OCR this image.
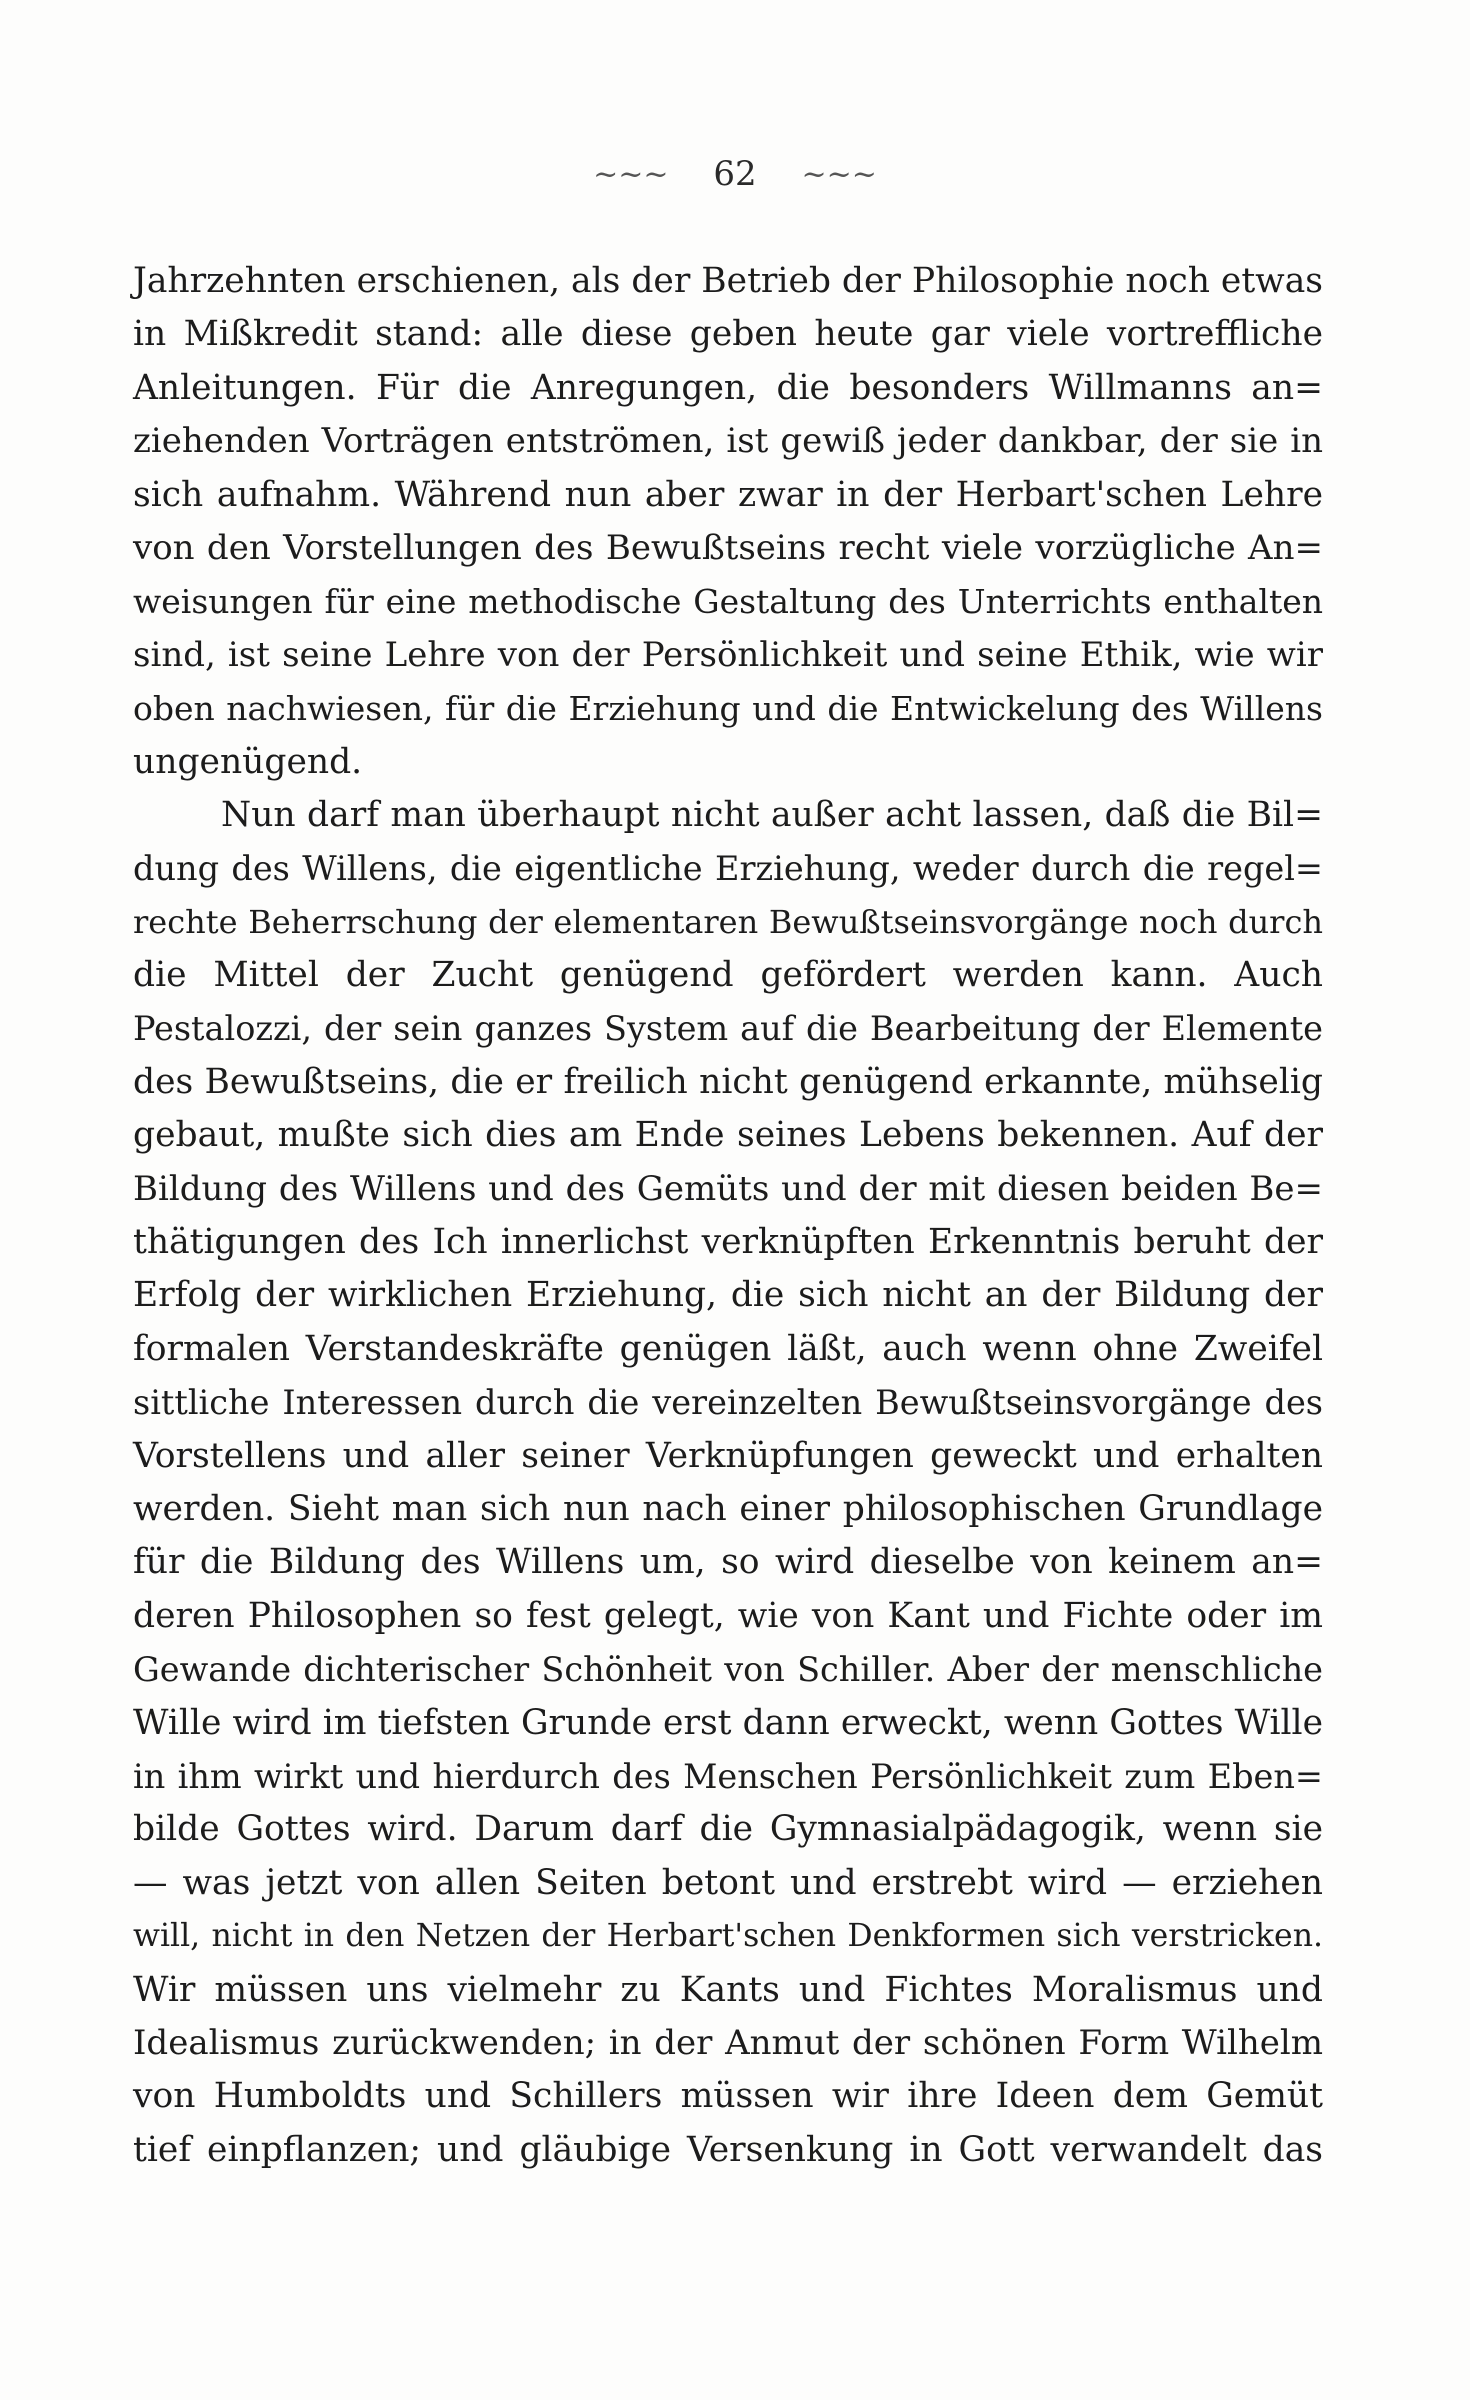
~~~ 62 ~~~
Jahrzehnten erschienen, als der Betrieb der Philosophie noch etwas
in Mißkredit stand: alle diese geben heute gar viele vortreffliche
Anleitungen. Für die Anregungen, die besonders Willmanns an=
ziehenden Vorträgen entströmen, ist gewiß jeder dankbar, der sie in
sich aufnahm. Während nun aber zwar in der Herbart'schen Lehre
von den Vorstellungen des Bewußtseins recht viele vorzügliche An=
weisungen für eine methodische Gestaltung des Unterrichts enthalten
sind, ist seine Lehre von der Persönlichkeit und seine Ethik, wie wir
oben nachwiesen, für die Erziehung und die Entwickelung des Willens
ungenügend.
Nun darf man überhaupt nicht außer acht lassen, daß die Bil=
dung des Willens, die eigentliche Erziehung, weder durch die regel=
rechte Beherrschung der elementaren Bewußtseinsvorgänge noch durch
die Mittel der Zucht genügend gefördert werden kann. Auch
Pestalozzi, der sein ganzes System auf die Bearbeitung der Elemente
des Bewußtseins, die er freilich nicht genügend erkannte, mühselig
gebaut, mußte sich dies am Ende seines Lebens bekennen. Auf der
Bildung des Willens und des Gemüts und der mit diesen beiden Be=
thätigungen des Ich innerlichst verknüpften Erkenntnis beruht der
Erfolg der wirklichen Erziehung, die sich nicht an der Bildung der
formalen Verstandeskräfte genügen läßt, auch wenn ohne Zweifel
sittliche Interessen durch die vereinzelten Bewußtseinsvorgänge des
Vorstellens und aller seiner Verknüpfungen geweckt und erhalten
werden. Sieht man sich nun nach einer philosophischen Grundlage
für die Bildung des Willens um, so wird dieselbe von keinem an=
deren Philosophen so fest gelegt, wie von Kant und Fichte oder im
Gewande dichterischer Schönheit von Schiller. Aber der menschliche
Wille wird im tiefsten Grunde erst dann erweckt, wenn Gottes Wille
in ihm wirkt und hierdurch des Menschen Persönlichkeit zum Eben=
bilde Gottes wird. Darum darf die Gymnasialpädagogik, wenn sie
— was jetzt von allen Seiten betont und erstrebt wird — erziehen
will, nicht in den Netzen der Herbart'schen Denkformen sich verstricken.
Wir müssen uns vielmehr zu Kants und Fichtes Moralismus und
Idealismus zurückwenden; in der Anmut der schönen Form Wilhelm
von Humboldts und Schillers müssen wir ihre Ideen dem Gemüt
tief einpflanzen; und gläubige Versenkung in Gott verwandelt das
